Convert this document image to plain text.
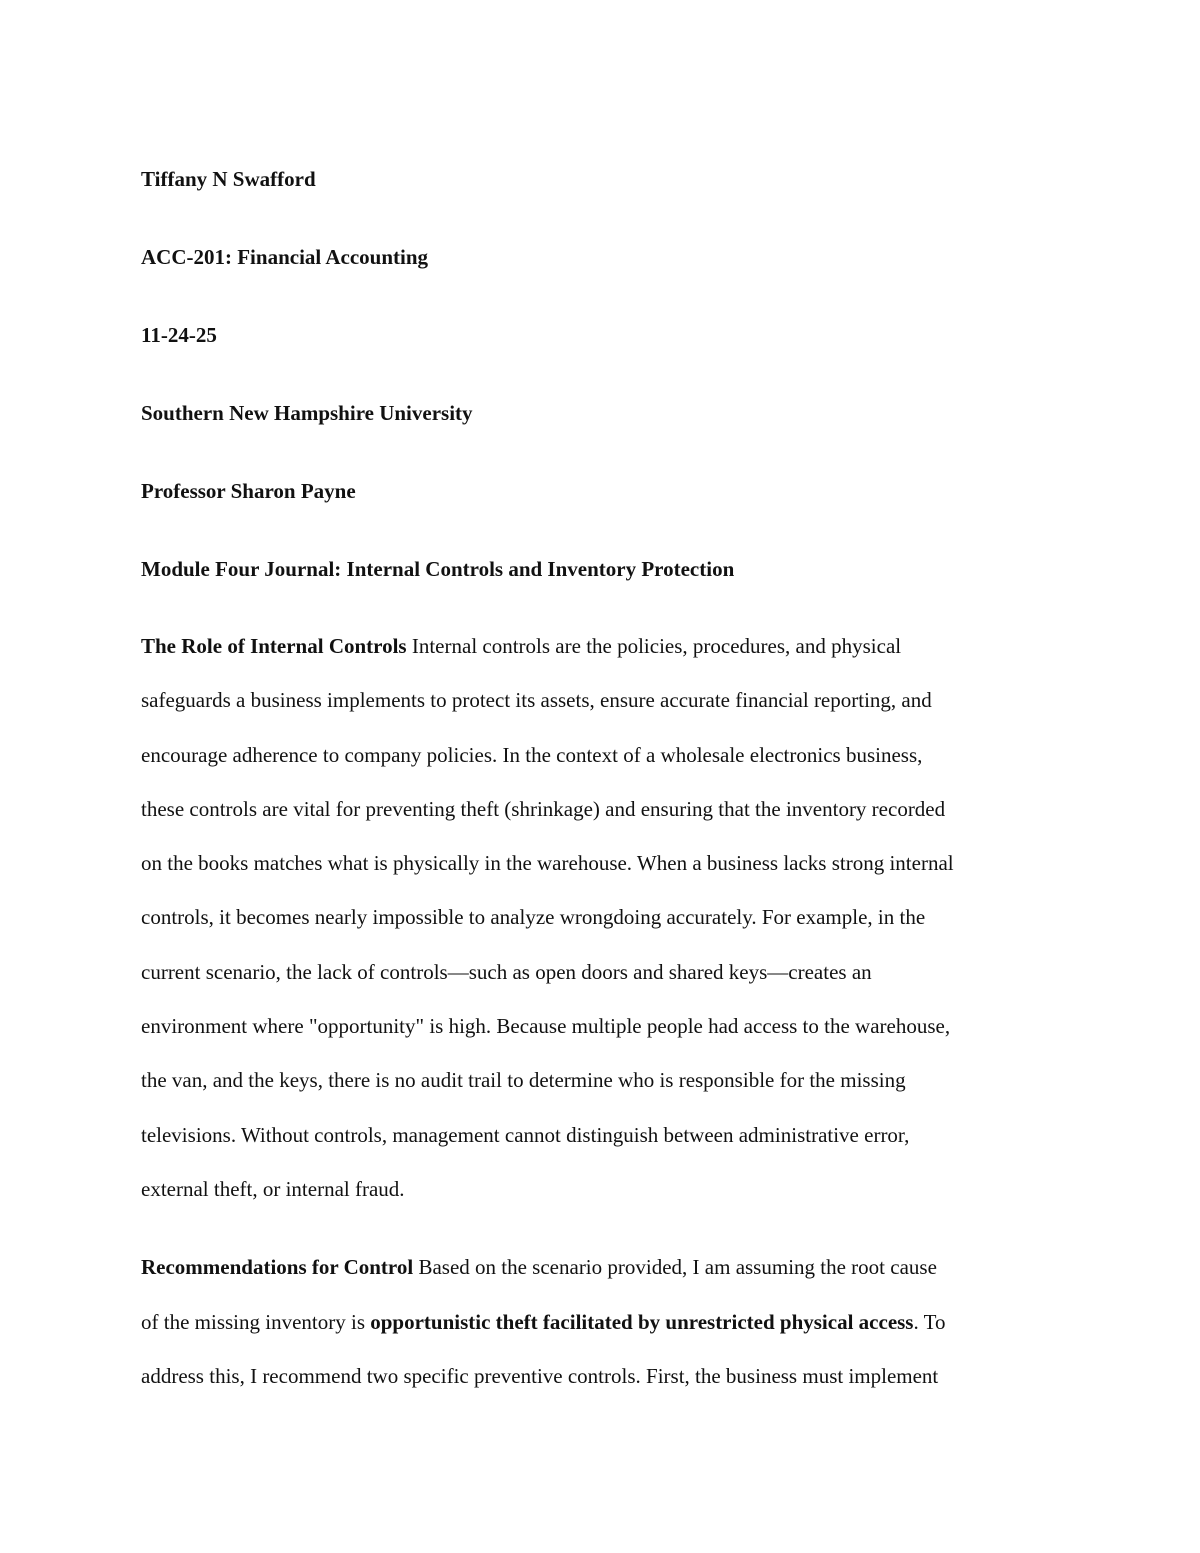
Tiffany N Swafford
ACC-201: Financial Accounting
11-24-25
Southern New Hampshire University
Professor Sharon Payne
Module Four Journal: Internal Controls and Inventory Protection
The Role of Internal Controls Internal controls are the policies, procedures, and physical
safeguards a business implements to protect its assets, ensure accurate financial reporting, and
encourage adherence to company policies. In the context of a wholesale electronics business,
these controls are vital for preventing theft (shrinkage) and ensuring that the inventory recorded
on the books matches what is physically in the warehouse. When a business lacks strong internal
controls, it becomes nearly impossible to analyze wrongdoing accurately. For example, in the
current scenario, the lack of controls—such as open doors and shared keys—creates an
environment where "opportunity" is high. Because multiple people had access to the warehouse,
the van, and the keys, there is no audit trail to determine who is responsible for the missing
televisions. Without controls, management cannot distinguish between administrative error,
external theft, or internal fraud.
Recommendations for Control Based on the scenario provided, I am assuming the root cause
of the missing inventory is opportunistic theft facilitated by unrestricted physical access. To
address this, I recommend two specific preventive controls. First, the business must implement
